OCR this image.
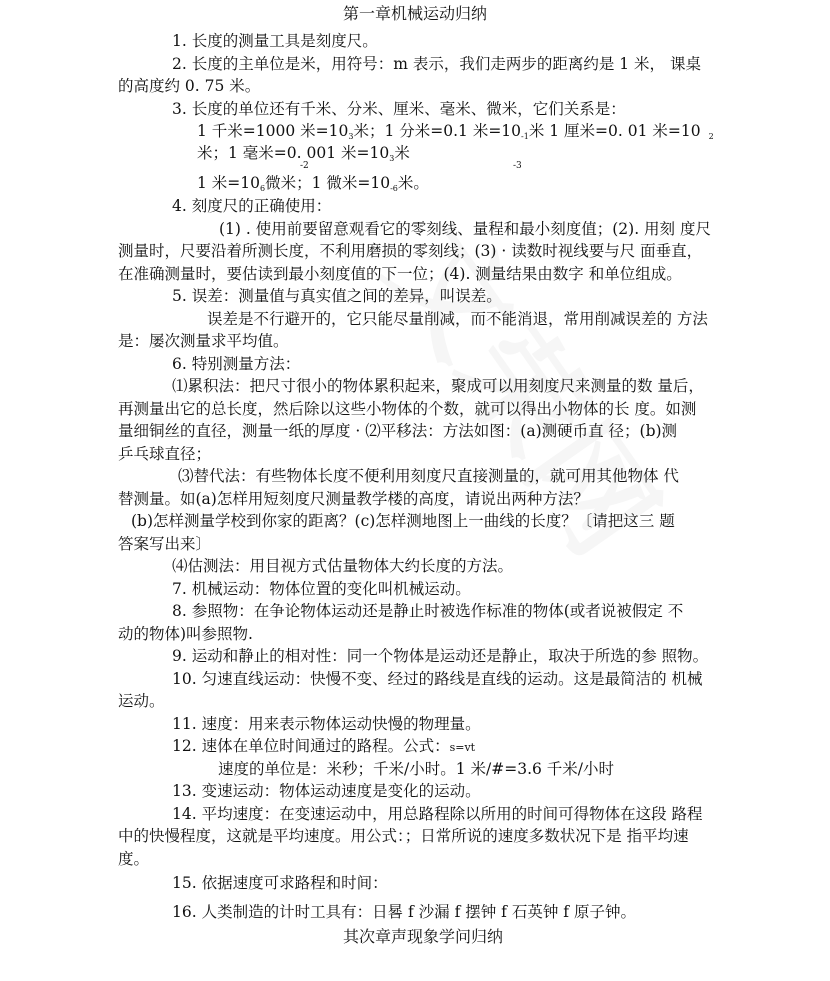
第一章机械运动归纳
1. 长度的测量工具是刻度尺。
2. 长度的主单位是米，用符号：m 表示，我们走两步的距离约是 1 米， 课桌
的高度约 0. 75 米。
3. 长度的单位还有千米、分米、厘米、毫米、微米，它们关系是：
1 千米=1000 米$=10_3$米；1 分米=0.1 米$=10_{-1}$米 1 厘米=0. 01 米=10 $_2$
米；1 毫米=0. 001 米$=10_3$米
-2	-3
1 米$=10_6$微米；1 微米$=10_{-6}$米。
4. 刻度尺的正确使用：
(1) . 使用前要留意观看它的零刻线、量程和最小刻度值；(2). 用刻 度尺
测量时，尺要沿着所测长度，不利用磨损的零刻线；(3) · 读数时视线要与尺 面垂直，
在准确测量时，要估读到最小刻度值的下一位；(4). 测量结果由数字 和单位组成。
5. 误差：测量值与真实值之间的差异，叫误差。
误差是不行避开的，它只能尽量削减，而不能消退，常用削减误差的 方法
是：屡次测量求平均值。
6. 特别测量方法：
⑴累积法：把尺寸很小的物体累积起来，聚成可以用刻度尺来测量的数 量后，
再测量出它的总长度，然后除以这些小物体的个数，就可以得出小物体的长 度。如测
量细铜丝的直径，测量一纸的厚度 · ⑵平移法：方法如图：(a)测硬币直 径；(b)测
乒乓球直径；
⑶替代法：有些物体长度不便利用刻度尺直接测量的，就可用其他物体 代
替测量。如(a)怎样用短刻度尺测量教学楼的高度，请说出两种方法？
(b)怎样测量学校到你家的距离？(c)怎样测地图上一曲线的长度？〔请把这三 题
答案写出来〕
⑷估测法：用目视方式估量物体大约长度的方法。
7. 机械运动：物体位置的变化叫机械运动。
8. 参照物：在争论物体运动还是静止时被选作标准的物体(或者说被假定 不
动的物体)叫参照物.
9. 运动和静止的相对性：同一个物体是运动还是静止，取决于所选的参 照物。
10. 匀速直线运动：快慢不变、经过的路线是直线的运动。这是最简洁的 机械
运动。
11. 速度：用来表示物体运动快慢的物理量。
12. 速体在单位时间通过的路程。公式：s=vt
速度的单位是：米秒；千米/小时。1 米/#=3.6 千米/小时
13. 变速运动：物体运动速度是变化的运动。
14. 平均速度：在变速运动中，用总路程除以所用的时间可得物体在这段 路程
中的快慢程度，这就是平均速度。用公式：；日常所说的速度多数状况下是 指平均速
度。
15. 依据速度可求路程和时间：
16. 人类制造的计时工具有：日晷 f 沙漏 f 摆钟 f 石英钟 f 原子钟。
其次章声现象学问归纳
